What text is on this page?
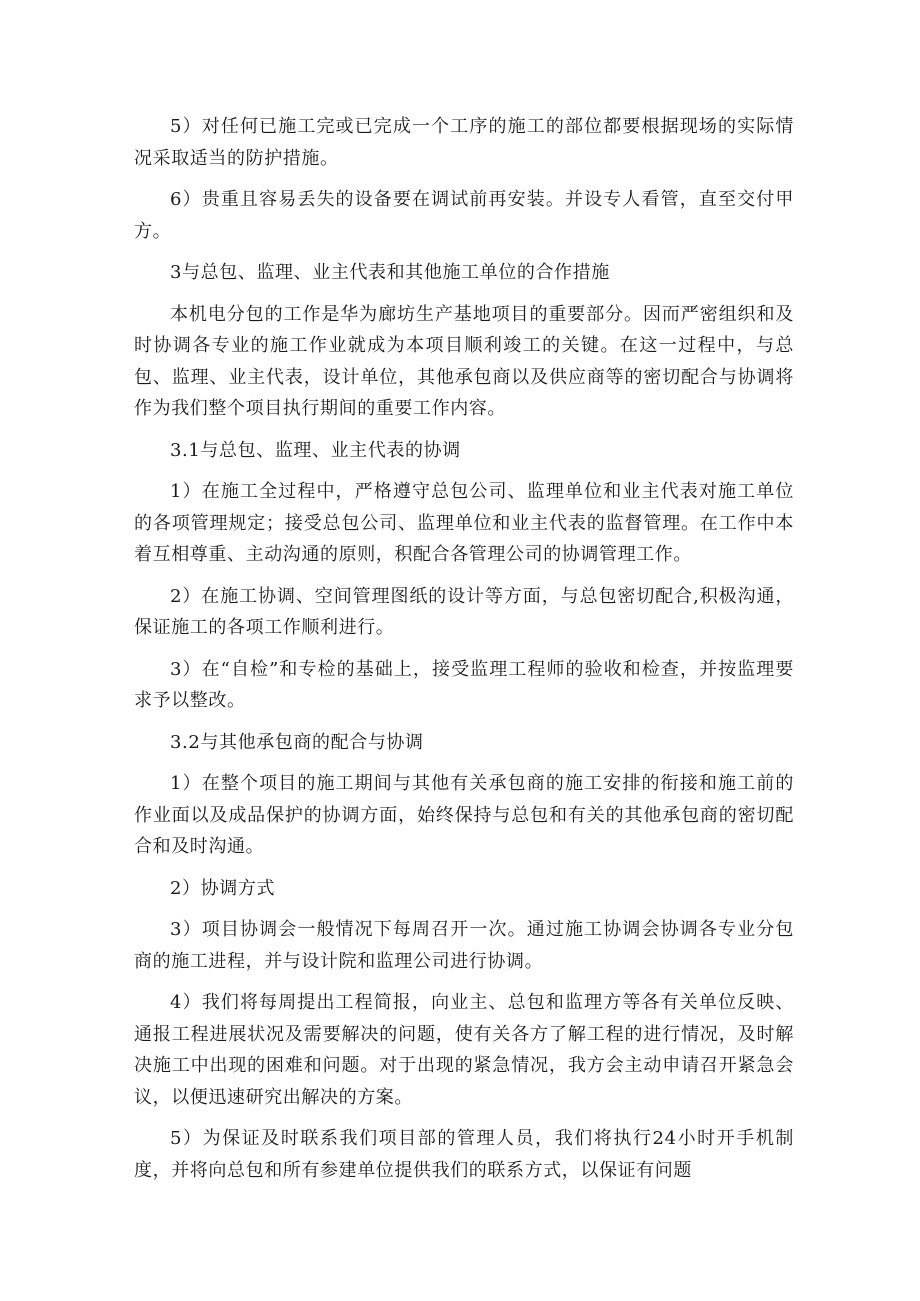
5）对任何已施工完或已完成一个工序的施工的部位都要根据现场的实际情况采取适当的防护措施。

6）贵重且容易丢失的设备要在调试前再安装。并设专人看管，直至交付甲方。

3与总包、监理、业主代表和其他施工单位的合作措施

本机电分包的工作是华为廊坊生产基地项目的重要部分。因而严密组织和及时协调各专业的施工作业就成为本项目顺利竣工的关键。在这一过程中，与总包、监理、业主代表，设计单位，其他承包商以及供应商等的密切配合与协调将作为我们整个项目执行期间的重要工作内容。

3.1与总包、监理、业主代表的协调

1）在施工全过程中，严格遵守总包公司、监理单位和业主代表对施工单位的各项管理规定；接受总包公司、监理单位和业主代表的监督管理。在工作中本着互相尊重、主动沟通的原则，积配合各管理公司的协调管理工作。

2）在施工协调、空间管理图纸的设计等方面，与总包密切配合,积极沟通，保证施工的各项工作顺利进行。

3）在“自检”和专检的基础上，接受监理工程师的验收和检查，并按监理要求予以整改。

3.2与其他承包商的配合与协调

1）在整个项目的施工期间与其他有关承包商的施工安排的衔接和施工前的作业面以及成品保护的协调方面，始终保持与总包和有关的其他承包商的密切配合和及时沟通。

2）协调方式

3）项目协调会一般情况下每周召开一次。通过施工协调会协调各专业分包商的施工进程，并与设计院和监理公司进行协调。

4）我们将每周提出工程简报，向业主、总包和监理方等各有关单位反映、通报工程进展状况及需要解决的问题，使有关各方了解工程的进行情况，及时解决施工中出现的困难和问题。对于出现的紧急情况，我方会主动申请召开紧急会议，以便迅速研究出解决的方案。

5）为保证及时联系我们项目部的管理人员，我们将执行24小时开手机制度，并将向总包和所有参建单位提供我们的联系方式，以保证有问题
